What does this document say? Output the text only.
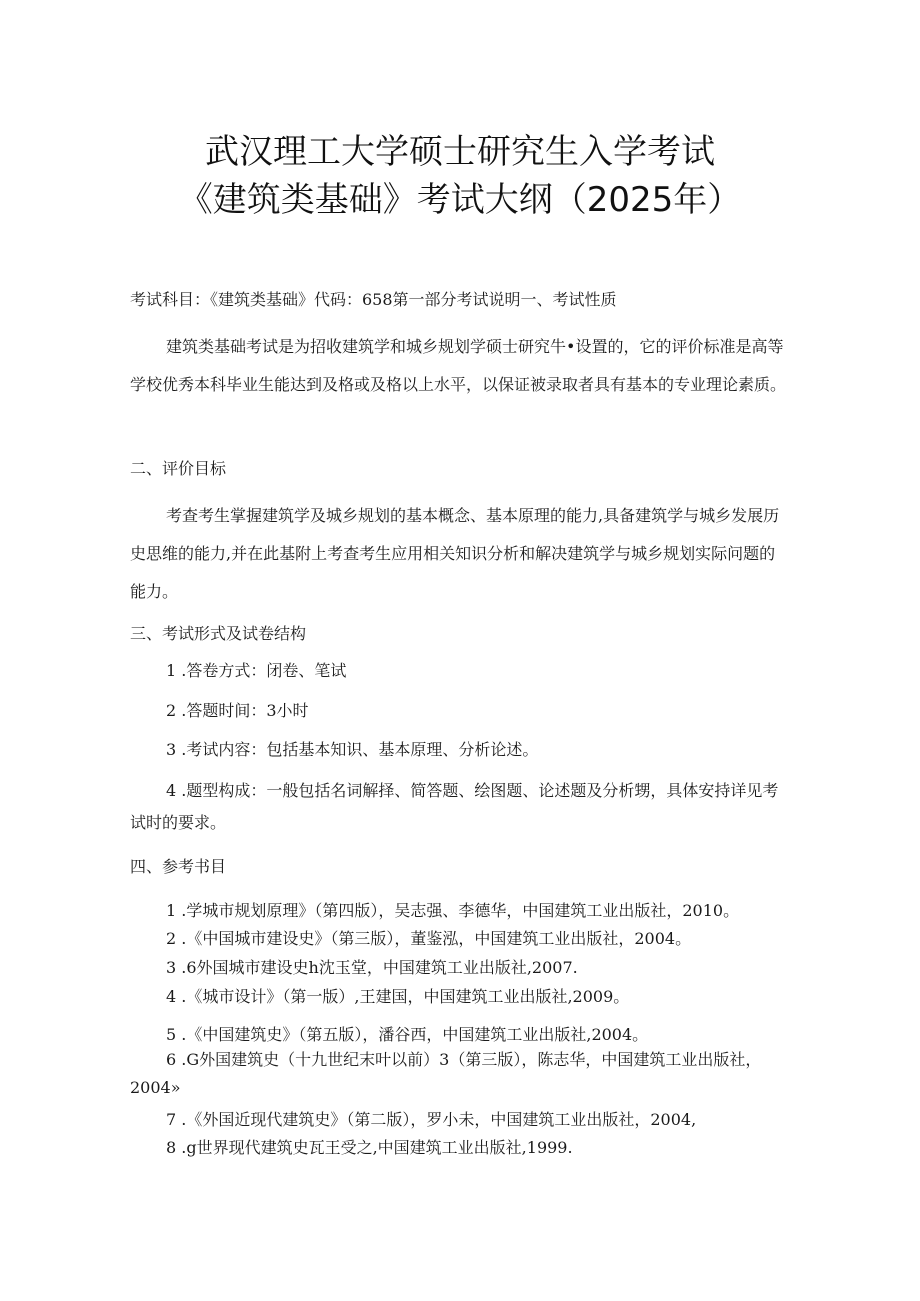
武汉理工大学硕士研究生入学考试
《建筑类基础》考试大纲（2025年）
考试科目：《建筑类基础》代码：658第一部分考试说明一、考试性质
建筑类基础考试是为招收建筑学和城乡规划学硕士研究牛•设置的，它的评价标准是高等学校优秀本科毕业生能达到及格或及格以上水平，以保证被录取者具有基本的专业理论素质。
二、评价目标
考查考生掌握建筑学及城乡规划的基本概念、基本原理的能力,具备建筑学与城乡发展历史思维的能力,并在此基附上考查考生应用相关知识分析和解决建筑学与城乡规划实际问题的能力。
三、考试形式及试卷结构
1 .答卷方式：闭卷、笔试
2 .答题时间：3小时
3 .考试内容：包括基本知识、基本原理、分析论述。
4 .题型构成：一般包括名词解择、简答题、绘图题、论述题及分析甥，具体安持详见考试时的要求。
四、参考书目
1 .学城市规划原理》（第四版），吴志强、李德华，中国建筑工业出版社，2010。
2 .《中国城市建设史》（第三版），董鉴泓，中国建筑工业出版社，2004。
3 .6外国城市建设史h沈玉堂，中国建筑工业出版社,2007.
4 .《城市设计》（第一版）,王建国，中国建筑工业出版社,2009。
5 .《中国建筑史》（第五版），潘谷西，中国建筑工业出版社,2004。
6 .G外国建筑史（十九世纪末叶以前）3（第三版），陈志华，中国建筑工业出版社，2004»
7 .《外国近现代建筑史》（第二版），罗小未，中国建筑工业出版社，2004,
8 .g世界现代建筑史瓦王受之,中国建筑工业出版社,1999.
